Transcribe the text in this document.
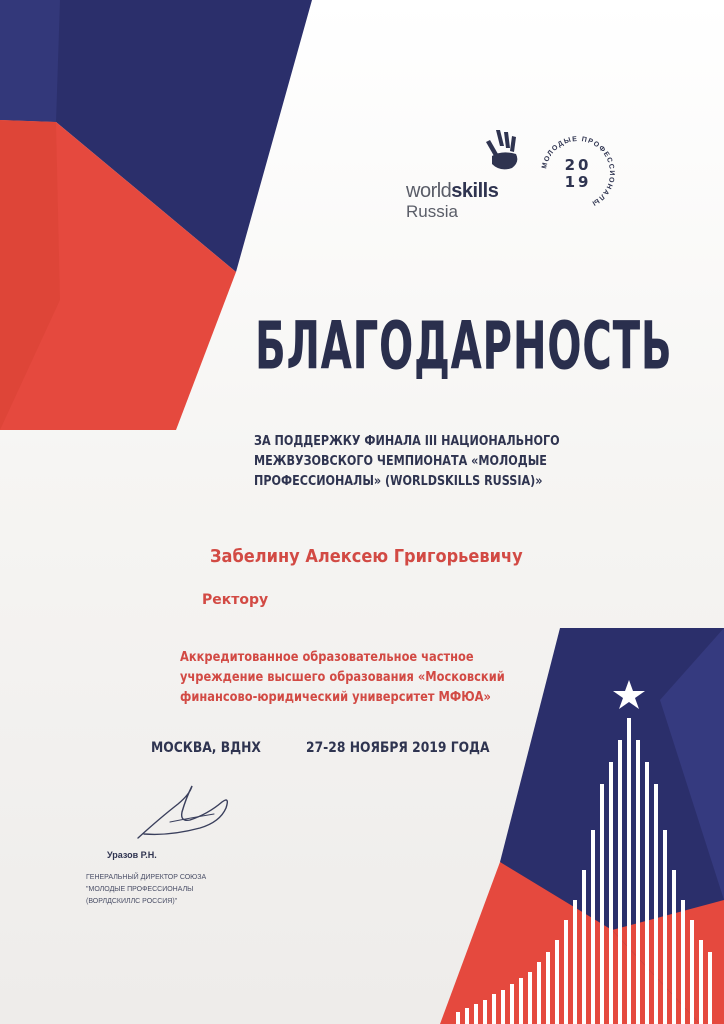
worldskills
Russia
МОЛОДЫЕ ПРОФЕССИОНАЛЫ
20
19
БЛАГОДАРНОСТЬ
ЗА ПОДДЕРЖКУ ФИНАЛА III НАЦИОНАЛЬНОГО
МЕЖВУЗОВСКОГО ЧЕМПИОНАТА «МОЛОДЫЕ
ПРОФЕССИОНАЛЫ» (WORLDSKILLS RUSSIA)»
Забелину Алексею Григорьевичу
Ректору
Аккредитованное образовательное частное
учреждение высшего образования «Московский
финансово-юридический университет МФЮА»
МОСКВА, ВДНХ	27-28 НОЯБРЯ 2019 ГОДА
Уразов Р.Н.
ГЕНЕРАЛЬНЫЙ ДИРЕКТОР СОЮЗА
"МОЛОДЫЕ ПРОФЕССИОНАЛЫ
(ВОРЛДСКИЛЛС РОССИЯ)"
